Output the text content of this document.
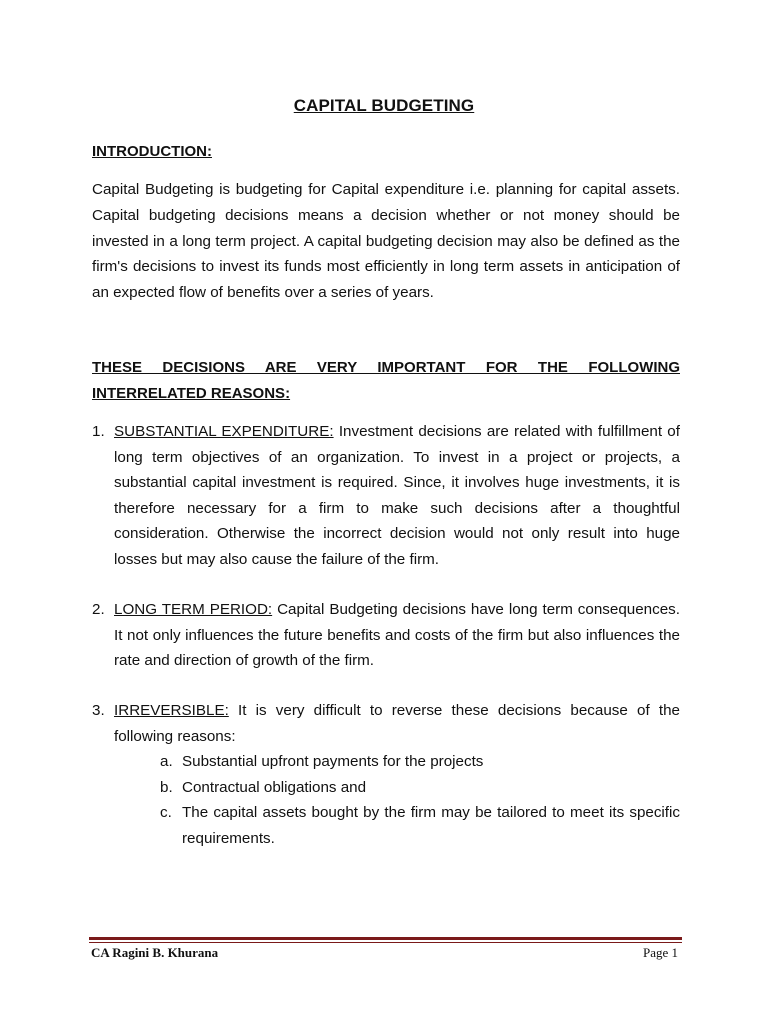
CAPITAL BUDGETING
INTRODUCTION:
Capital Budgeting is budgeting for Capital expenditure i.e. planning for capital assets. Capital budgeting decisions means a decision whether or not money should be invested in a long term project. A capital budgeting decision may also be defined as the firm's decisions to invest its funds most efficiently in long term assets in anticipation of an expected flow of benefits over a series of years.
THESE DECISIONS ARE VERY IMPORTANT FOR THE FOLLOWING INTERRELATED REASONS:
1. SUBSTANTIAL EXPENDITURE: Investment decisions are related with fulfillment of long term objectives of an organization. To invest in a project or projects, a substantial capital investment is required. Since, it involves huge investments, it is therefore necessary for a firm to make such decisions after a thoughtful consideration. Otherwise the incorrect decision would not only result into huge losses but may also cause the failure of the firm.
2. LONG TERM PERIOD: Capital Budgeting decisions have long term consequences. It not only influences the future benefits and costs of the firm but also influences the rate and direction of growth of the firm.
3. IRREVERSIBLE: It is very difficult to reverse these decisions because of the following reasons:
a. Substantial upfront payments for the projects
b. Contractual obligations and
c. The capital assets bought by the firm may be tailored to meet its specific requirements.
CA Ragini B. Khurana	Page 1
